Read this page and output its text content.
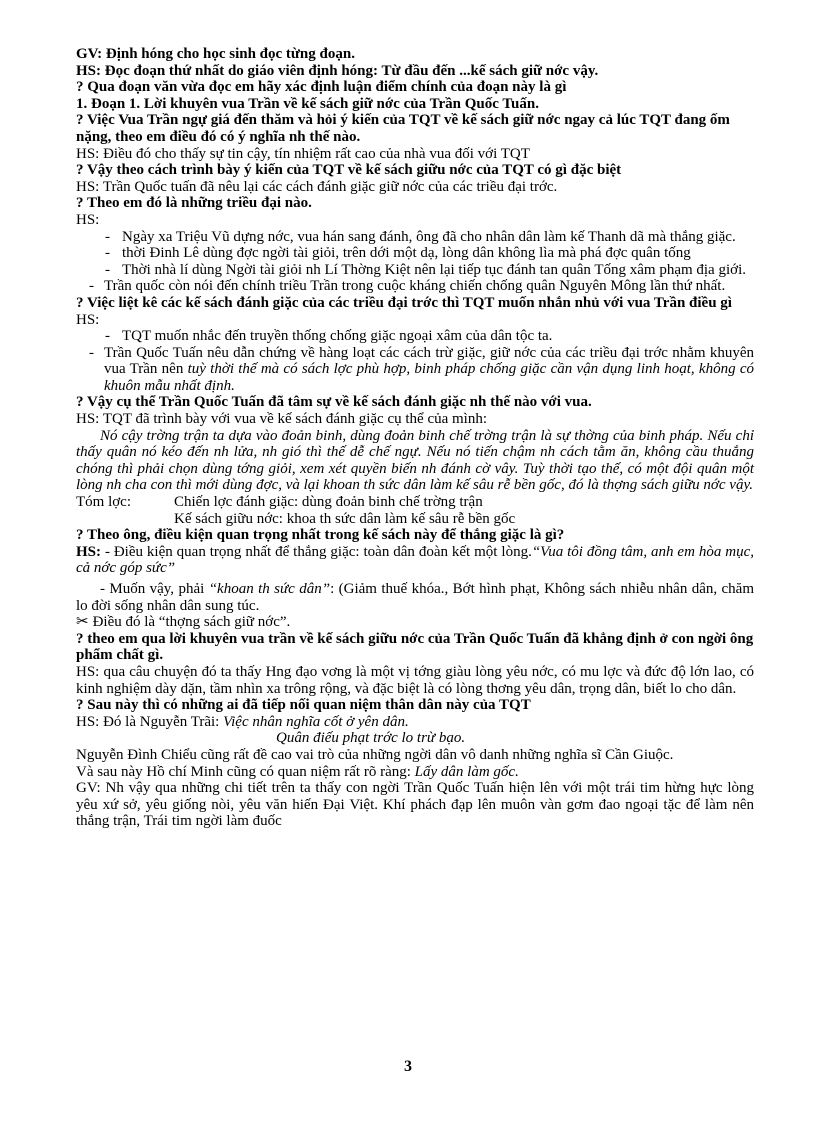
GV: Định hóng cho học sinh đọc từng đoạn.

HS: Đọc đoạn thứ nhất do giáo viên định hóng: Từ đầu đến ...kế sách giữ nớc vậy.

? Qua đoạn văn vừa đọc em hãy xác định luận điểm chính của đoạn này là gì

1. Đoạn 1. Lời khuyên vua Trần về kế sách giữ nớc của Trần Quốc Tuấn.

? Việc Vua Trần ngự giá đến thăm và hỏi ý kiến của TQT về kế sách giữ nớc ngay cả lúc TQT đang ốm nặng, theo em điều đó có ý nghĩa nh thế nào.

HS: Điều đó cho thấy sự tin cậy, tín nhiệm rất cao của nhà vua đối với TQT

? Vậy theo cách trình bày ý kiến của TQT về kế sách giữu nớc của TQT có gì đặc biệt

HS: Trần Quốc tuấn đã nêu lại các cách đánh giặc giữ nớc của các triều đại trớc.

? Theo em đó là những triều đại nào.

HS:

- Ngày xa Triệu Vũ dựng nớc, vua hán sang đánh, ông đã cho nhân dân làm kế Thanh dã mà thắng giặc.
- thời Đinh Lê dùng đợc ngời tài giỏi, trên dới một dạ, lòng dân không lìa mà phá đợc quân tống
- Thời nhà lí dùng Ngời tài giỏi nh Lí Thờng Kiệt nên lại tiếp tục đánh tan quân Tống xâm phạm địa giới.
- Trần quốc còn nói đến chính triều Trần trong cuộc kháng chiến chống quân Nguyên Mông lần thứ nhất.

? Việc liệt kê các kế sách đánh giặc của các triều đại trớc thì TQT muốn nhắn nhủ với vua Trần điều gì

HS:

- TQT muốn nhắc đến truyền thống chống giặc ngoại xâm của dân tộc ta.
- Trần Quốc Tuấn nêu dẫn chứng về hàng loạt các cách trừ giặc, giữ nớc của các triều đại trớc nhằm khuyên vua Trần nên tuỳ thời thế mà có sách lợc phù hợp, binh pháp chống giặc cần vận dụng linh hoạt, không có khuôn mẫu nhất định.

? Vậy cụ thể Trần Quốc Tuấn đã tâm sự về kế sách đánh giặc nh thế nào với vua.

HS: TQT đã trình bày với vua về kế sách đánh giặc cụ thể của mình:

Nó cậy trờng trận ta dựa vào đoản binh, dùng đoản binh chế trờng trận là sự thờng của binh pháp. Nếu chỉ thấy quân nó kéo đến nh lửa, nh gió thì thế dễ chế ngự. Nếu nó tiến chậm nh cách tằm ăn, không cầu thuắng chóng thì phải chọn dùng tớng giỏi, xem xét quyền biến nh đánh cờ vây. Tuỳ thời tạo thế, có một đội quân một lòng nh cha con thì mới dùng đợc, và lại khoan th sức dân làm kế sâu rễ bền gốc, đó là thợng sách giữu nớc vậy.

Tóm lợc:	Chiến lợc đánh giặc: dùng đoản binh chế trờng trận

Kế sách giữu nớc: khoa th sức dân làm kế sâu rễ bền gốc

? Theo ông, điều kiện quan trọng nhất trong kế sách này để thắng giặc là gì?

HS: - Điều kiện quan trọng nhất để thắng giặc: toàn dân đoàn kết một lòng.“Vua tôi đồng tâm, anh em hòa mục, cả nớc góp sức”

- Muốn vậy, phải “khoan th sức dân”: (Giảm thuế khóa., Bớt hình phạt, Không sách nhiễu nhân dân, chăm lo đời sống nhân dân sung túc.

✂ Điều đó là “thợng sách giữ nớc”.

? theo em qua lời khuyên vua trần về kế sách giữu nớc của Trần Quốc Tuấn đã khẳng định ở con ngời ông phẩm chất gì.

HS: qua câu chuyện đó ta thấy Hng đạo vơng là một vị tớng giàu lòng yêu nớc, có mu lợc và đức độ lớn lao, có kinh nghiệm dày dặn, tầm nhìn xa trông rộng, và đặc biệt là có lòng thơng yêu dân, trọng dân, biết lo cho dân.

? Sau này thì có những ai đã tiếp nối quan niệm thân dân này của TQT

HS: Đó là Nguyễn Trãi: Việc nhân nghĩa cốt ở yên dân.

Quân điếu phạt trớc lo trừ bạo.

Nguyễn Đình Chiểu cũng rất đề cao vai trò của những ngời dân vô danh những nghĩa sĩ Cần Giuộc.

Và sau này Hồ chí Minh cũng có quan niệm rất rõ ràng: Lấy dân làm gốc.

GV: Nh vậy qua những chi tiết trên ta thấy con ngời Trần Quốc Tuấn hiện lên với một trái tim hừng hực lòng yêu xứ sở, yêu giống nòi, yêu văn hiến Đại Việt. Khí phách đạp lên muôn vàn gơm đao ngoại tặc để làm nên thắng trận, Trái tim ngời làm đuốc

3
